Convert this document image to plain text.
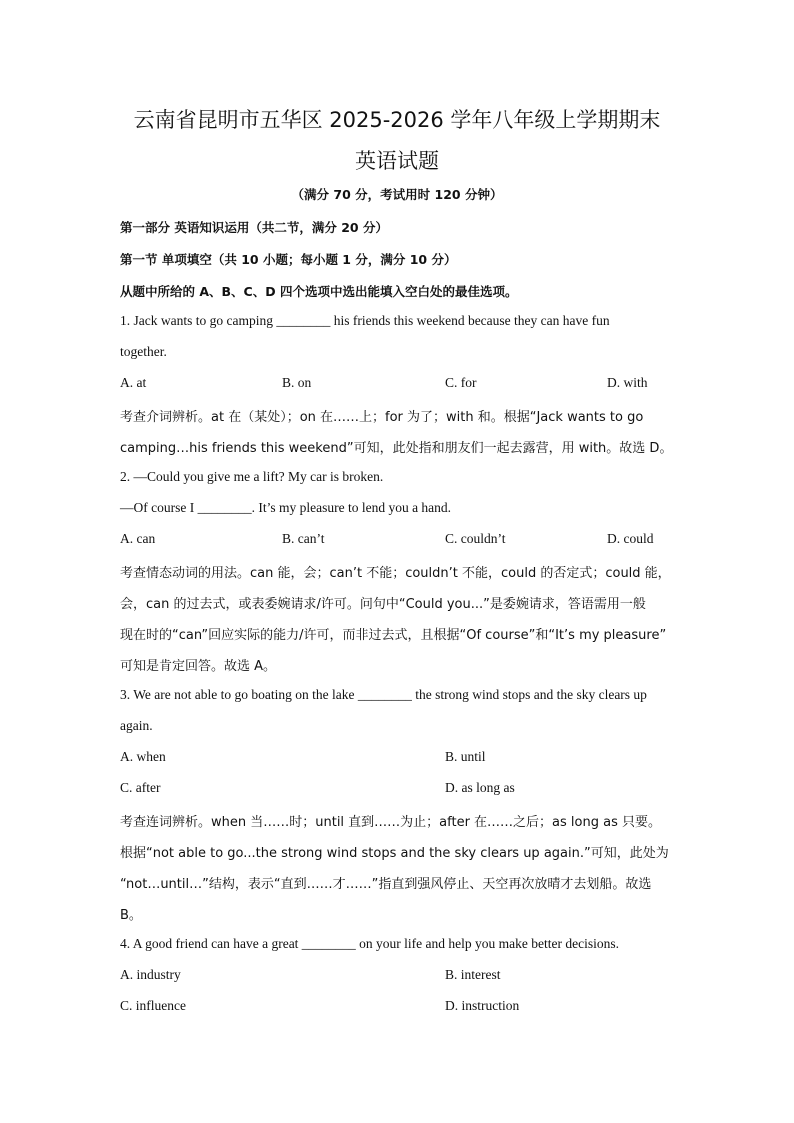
云南省昆明市五华区 2025-2026 学年八年级上学期期末
英语试题
（满分 70 分，考试用时 120 分钟）
第一部分 英语知识运用（共二节，满分 20 分）
第一节 单项填空（共 10 小题；每小题 1 分，满分 10 分）
从题中所给的 A、B、C、D 四个选项中选出能填入空白处的最佳选项。
1. Jack wants to go camping ________ his friends this weekend because they can have fun
together.
A. at	B. on	C. for	D. with
考查介词辨析。at 在（某处）；on 在……上；for 为了；with 和。根据“Jack wants to go
camping…his friends this weekend”可知，此处指和朋友们一起去露营，用 with。故选 D。
2. —Could you give me a lift? My car is broken.
—Of course I ________. It’s my pleasure to lend you a hand.
A. can	B. can’t	C. couldn’t	D. could
考查情态动词的用法。can 能，会；can’t 不能；couldn’t 不能，could 的否定式；could 能，
会，can 的过去式，或表委婉请求/许可。问句中“Could you...”是委婉请求，答语需用一般
现在时的“can”回应实际的能力/许可，而非过去式，且根据“Of course”和“It’s my pleasure”
可知是肯定回答。故选 A。
3. We are not able to go boating on the lake ________ the strong wind stops and the sky clears up
again.
A. when	B. until
C. after	D. as long as
考查连词辨析。when 当……时；until 直到……为止；after 在……之后；as long as 只要。
根据“not able to go...the strong wind stops and the sky clears up again.”可知，此处为
“not…until…”结构，表示“直到……才……”指直到强风停止、天空再次放晴才去划船。故选
B。
4. A good friend can have a great ________ on your life and help you make better decisions.
A. industry	B. interest
C. influence	D. instruction
